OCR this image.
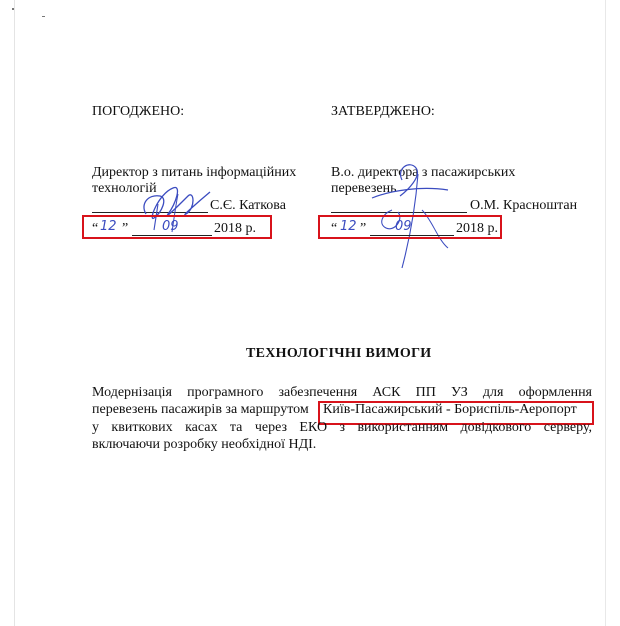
ПОГОДЖЕНО:
Директор з питань інформаційних
технологій
С.Є. Каткова
“ 12 ”	09	2018 р.
ЗАТВЕРДЖЕНО:
В.о. директора з пасажирських
перевезень
О.М. Красноштан
“ 12 ” 09	2018 р.
ТЕХНОЛОГІЧНІ ВИМОГИ
Модернізація програмного забезпечення АСК ПП УЗ для оформлення
перевезень пасажирів за маршрутом Київ-Пасажирський - Бориспіль-Аеропорт
у квиткових касах та через ЕКО з використанням довідкового серверу,
включаючи розробку необхідної НДІ.
